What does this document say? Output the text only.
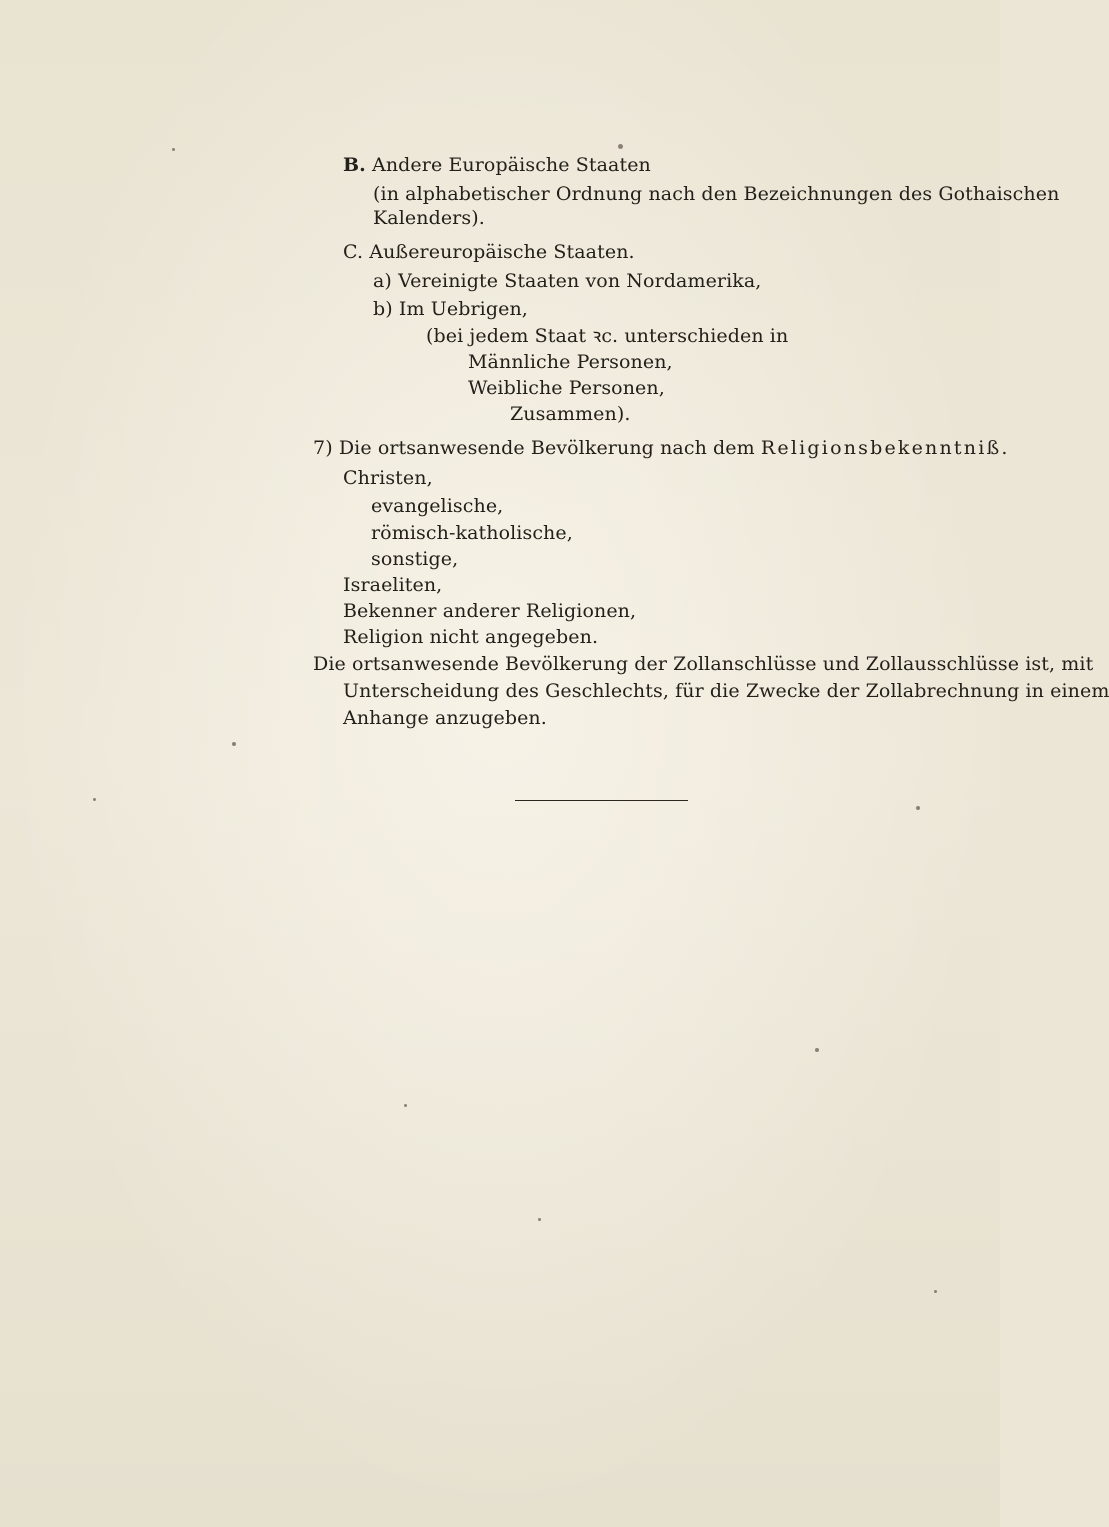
B. Andere Europäische Staaten
(in alphabetischer Ordnung nach den Bezeichnungen des Gothaischen
Kalenders).
C. Außereuropäische Staaten.
a) Vereinigte Staaten von Nordamerika,
b) Im Uebrigen,
(bei jedem Staat ꝛc. unterschieden in
Männliche Personen,
Weibliche Personen,
Zusammen).
7) Die ortsanwesende Bevölkerung nach dem Religionsbekenntniß.
Christen,
evangelische,
römisch-katholische,
sonstige,
Israeliten,
Bekenner anderer Religionen,
Religion nicht angegeben.
Die ortsanwesende Bevölkerung der Zollanschlüsse und Zollausschlüsse ist, mit
Unterscheidung des Geschlechts, für die Zwecke der Zollabrechnung in einem
Anhange anzugeben.
